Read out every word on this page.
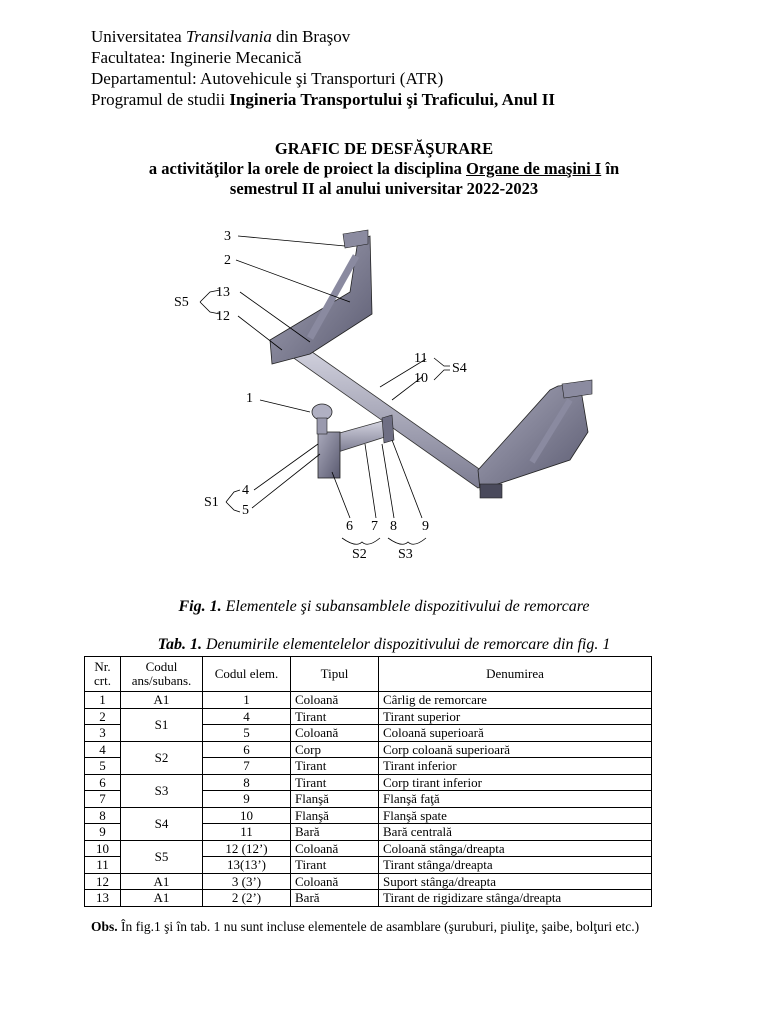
Universitatea Transilvania din Braşov
Facultatea: Inginerie Mecanică
Departamentul: Autovehicule şi Transporturi (ATR)
Programul de studii Ingineria Transportului şi Traficului, Anul II
GRAFIC DE DESFĂŞURARE
a activităţilor la orele de proiect la disciplina Organe de maşini I în
semestrul II al anului universitar 2022-2023
3
2
13
12
S5
11
10
S4
1
4
5
S1
6 7 8 9
S2 S3
Fig. 1. Elementele şi subansamblele dispozitivului de remorcare
Tab. 1. Denumirile elementelelor dispozitivului de remorcare din fig. 1
Nr. crt.	Codul ans/subans.	Codul elem.	Tipul	Denumirea
1	A1	1	Coloană	Cârlig de remorcare
2	S1	4	Tirant	Tirant superior
3		5	Coloană	Coloană superioară
4	S2	6	Corp	Corp coloană superioară
5		7	Tirant	Tirant inferior
6	S3	8	Tirant	Corp tirant inferior
7		9	Flanşă	Flanşă faţă
8	S4	10	Flanşă	Flanşă spate
9		11	Bară	Bară centrală
10	S5	12 (12’)	Coloană	Coloană stânga/dreapta
11		13(13’)	Tirant	Tirant stânga/dreapta
12	A1	3 (3’)	Coloană	Suport stânga/dreapta
13	A1	2 (2’)	Bară	Tirant de rigidizare stânga/dreapta
Obs. În fig.1 şi în tab. 1 nu sunt incluse elementele de asamblare (şuruburi, piuliţe, şaibe, bolţuri etc.)
